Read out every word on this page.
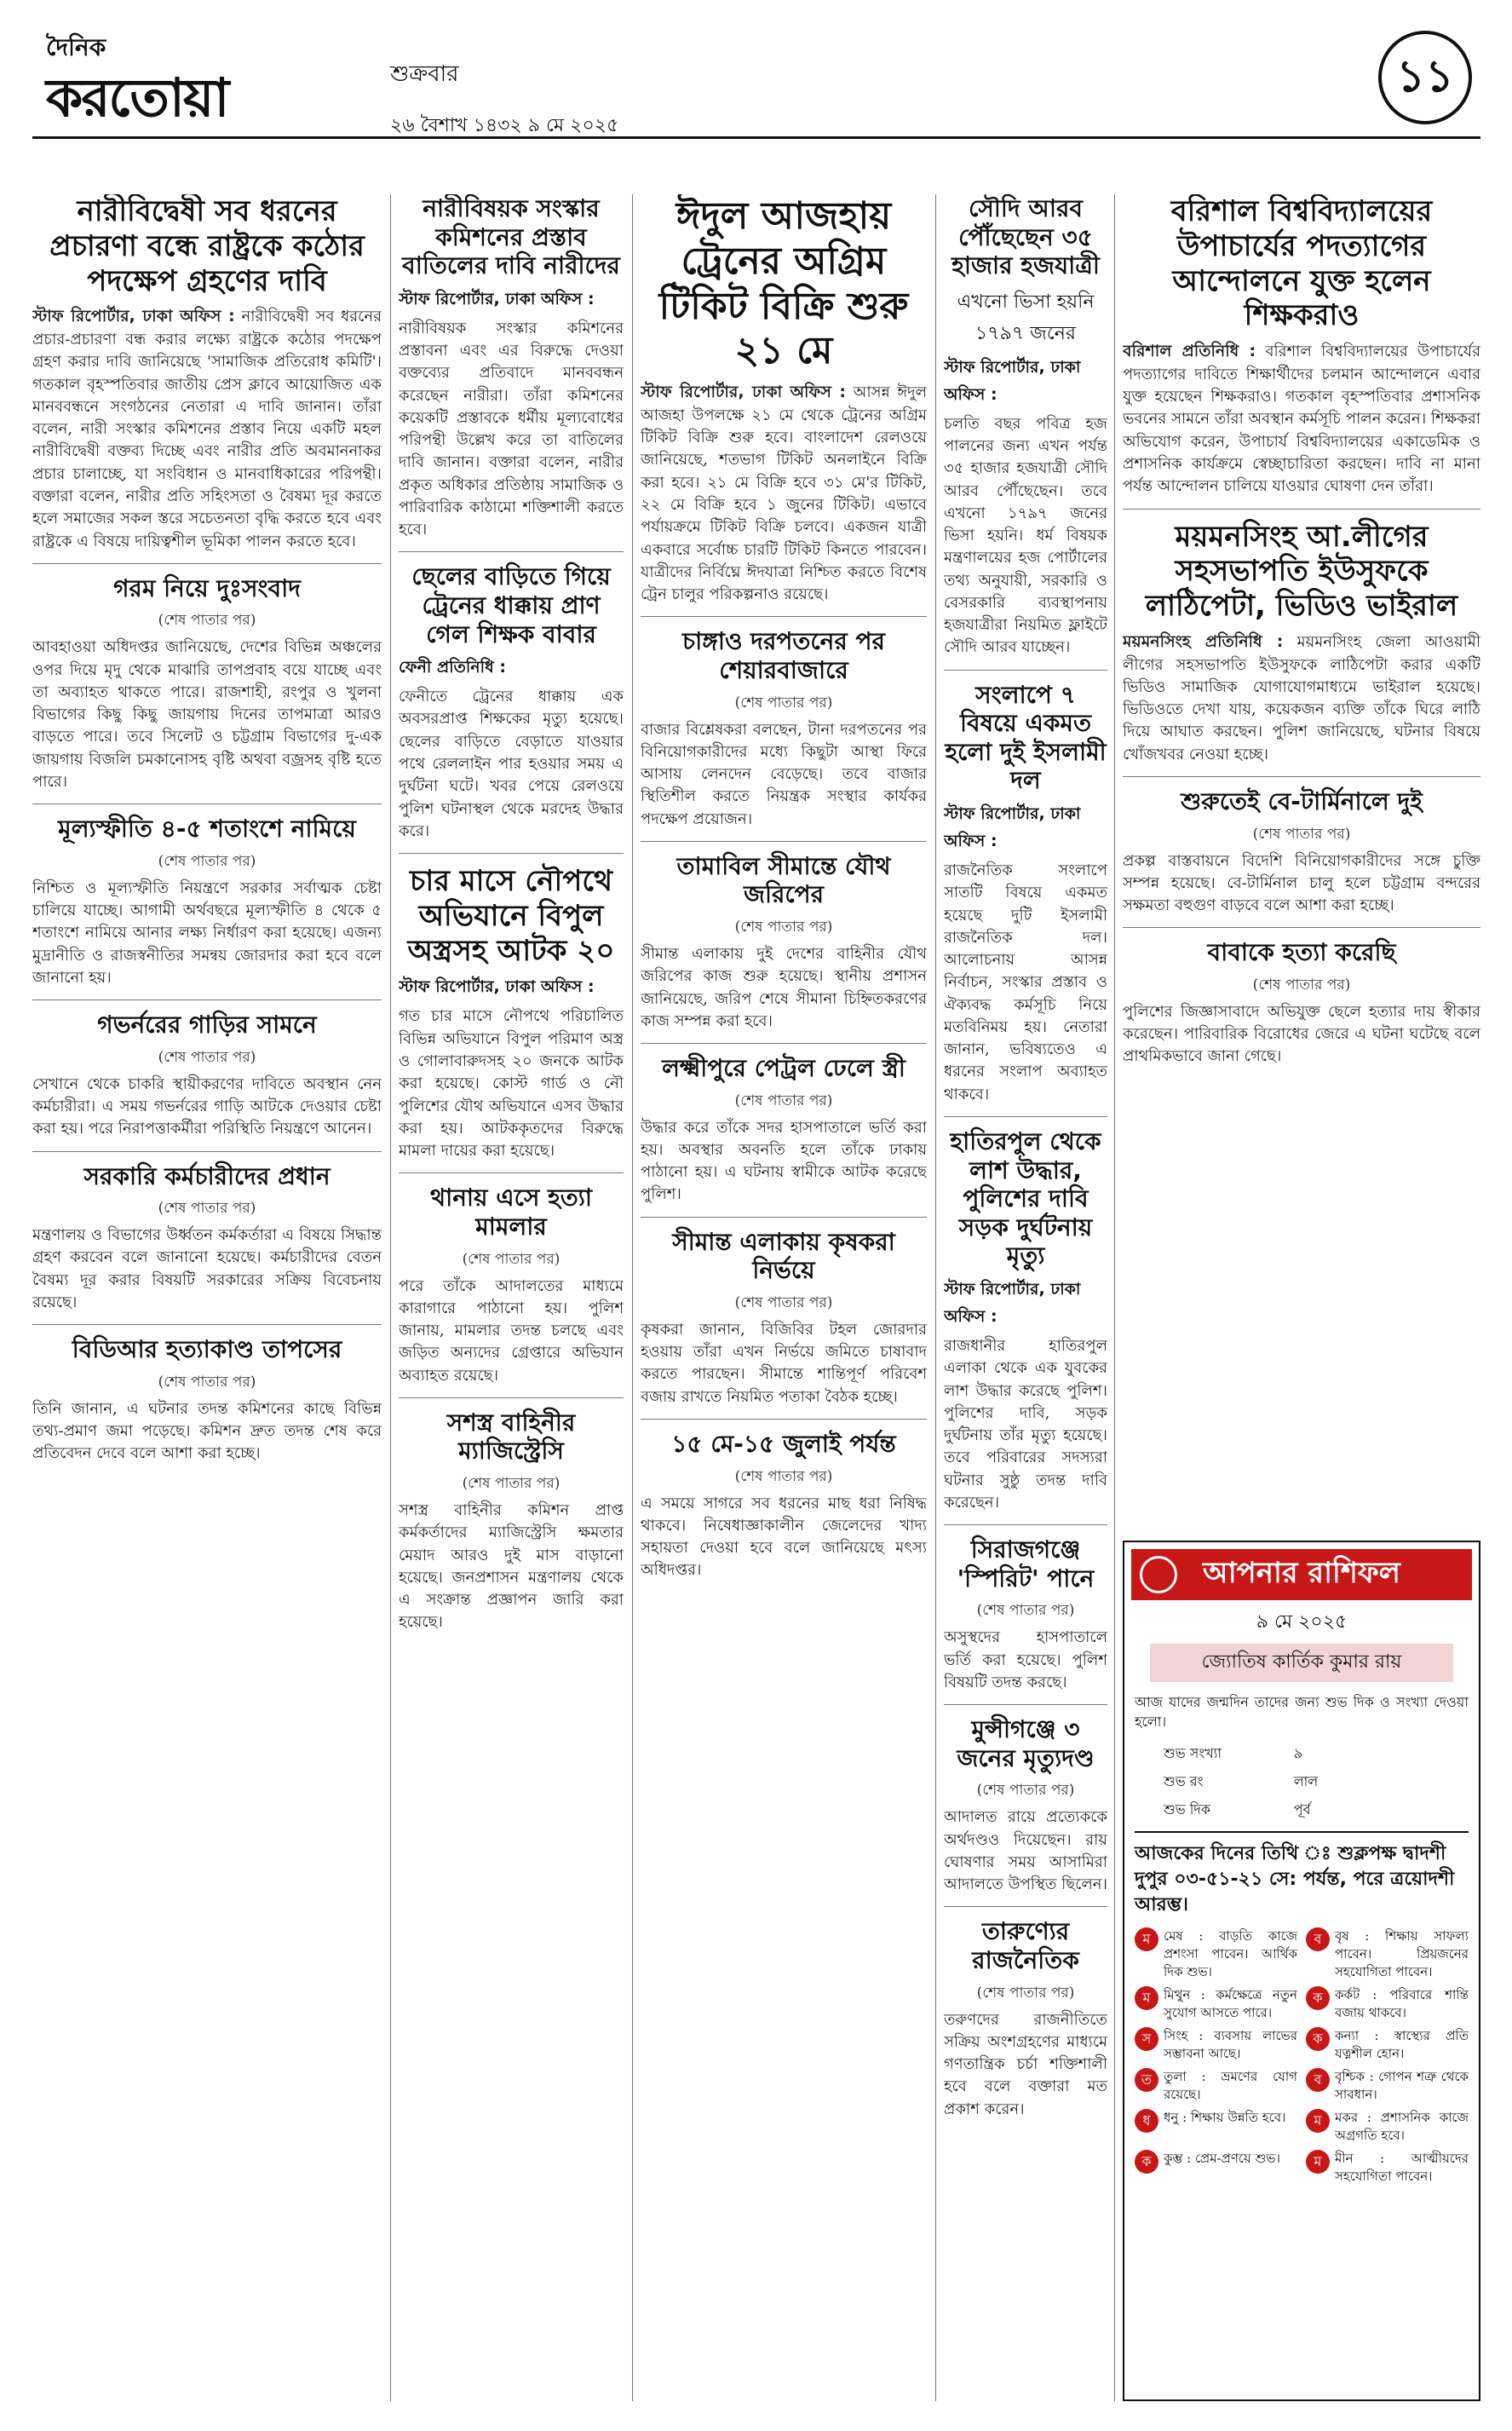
দৈনিক
করতোয়া	শুক্রবার
২৬ বৈশাখ ১৪৩২ ৯ মে ২০২৫
১১
নারীবিদ্বেষী সব ধরনের প্রচারণা বন্ধে রাষ্ট্রকে কঠোর পদক্ষেপ গ্রহণের দাবি

স্টাফ রিপোর্টার, ঢাকা অফিস : নারীবিদ্বেষী সব ধরনের প্রচার-প্রচারণা বন্ধ করার লক্ষ্যে রাষ্ট্রকে কঠোর পদক্ষেপ গ্রহণ করার দাবি জানিয়েছে 'সামাজিক প্রতিরোধ কমিটি'। গতকাল বৃহস্পতিবার জাতীয় প্রেস ক্লাবে আয়োজিত এক মানববন্ধনে সংগঠনের নেতারা এ দাবি জানান। তাঁরা বলেন, নারী সংস্কার কমিশনের প্রস্তাব নিয়ে একটি মহল নারীবিদ্বেষী বক্তব্য দিচ্ছে এবং নারীর প্রতি অবমাননাকর প্রচার চালাচ্ছে, যা সংবিধান ও মানবাধিকারের পরিপন্থী। বক্তারা বলেন, নারীর প্রতি সহিংসতা ও বৈষম্য দূর করতে হলে সমাজের সকল স্তরে সচেতনতা বৃদ্ধি করতে হবে এবং রাষ্ট্রকে এ বিষয়ে দায়িত্বশীল ভূমিকা পালন করতে হবে।

গরম নিয়ে দুঃসংবাদ
(শেষ পাতার পর)
আবহাওয়া অধিদপ্তর জানিয়েছে, দেশের বিভিন্ন অঞ্চলের ওপর দিয়ে মৃদু থেকে মাঝারি তাপপ্রবাহ বয়ে যাচ্ছে এবং তা অব্যাহত থাকতে পারে। রাজশাহী, রংপুর ও খুলনা বিভাগের কিছু কিছু জায়গায় দিনের তাপমাত্রা আরও বাড়তে পারে। তবে সিলেট ও চট্টগ্রাম বিভাগের দু-এক জায়গায় বিজলি চমকানোসহ বৃষ্টি অথবা বজ্রসহ বৃষ্টি হতে পারে।
মূল্যস্ফীতি ৪-৫ শতাংশে নামিয়ে
(শেষ পাতার পর)
নিশ্চিত ও মূল্যস্ফীতি নিয়ন্ত্রণে সরকার সর্বাত্মক চেষ্টা চালিয়ে যাচ্ছে। আগামী অর্থবছরে মূল্যস্ফীতি ৪ থেকে ৫ শতাংশে নামিয়ে আনার লক্ষ্য নির্ধারণ করা হয়েছে। এজন্য মুদ্রানীতি ও রাজস্বনীতির সমন্বয় জোরদার করা হবে বলে জানানো হয়।
গভর্নরের গাড়ির সামনে
(শেষ পাতার পর)
সেখানে থেকে চাকরি স্থায়ীকরণের দাবিতে অবস্থান নেন কর্মচারীরা। এ সময় গভর্নরের গাড়ি আটকে দেওয়ার চেষ্টা করা হয়। পরে নিরাপত্তাকর্মীরা পরিস্থিতি নিয়ন্ত্রণে আনেন।
সরকারি কর্মচারীদের প্রধান
(শেষ পাতার পর)
মন্ত্রণালয় ও বিভাগের উর্ধ্বতন কর্মকর্তারা এ বিষয়ে সিদ্ধান্ত গ্রহণ করবেন বলে জানানো হয়েছে। কর্মচারীদের বেতন বৈষম্য দূর করার বিষয়টি সরকারের সক্রিয় বিবেচনায় রয়েছে।
বিডিআর হত্যাকাণ্ড তাপসের
(শেষ পাতার পর)
তিনি জানান, এ ঘটনার তদন্ত কমিশনের কাছে বিভিন্ন তথ্য-প্রমাণ জমা পড়েছে। কমিশন দ্রুত তদন্ত শেষ করে প্রতিবেদন দেবে বলে আশা করা হচ্ছে।
নারীবিষয়ক সংস্কার কমিশনের প্রস্তাব বাতিলের দাবি নারীদের
স্টাফ রিপোর্টার, ঢাকা অফিস :
নারীবিষয়ক সংস্কার কমিশনের প্রস্তাবনা এবং এর বিরুদ্ধে দেওয়া বক্তব্যের প্রতিবাদে মানববন্ধন করেছেন নারীরা। তাঁরা কমিশনের কয়েকটি প্রস্তাবকে ধর্মীয় মূল্যবোধের পরিপন্থী উল্লেখ করে তা বাতিলের দাবি জানান। বক্তারা বলেন, নারীর প্রকৃত অধিকার প্রতিষ্ঠায় সামাজিক ও পারিবারিক কাঠামো শক্তিশালী করতে হবে।
ছেলের বাড়িতে গিয়ে ট্রেনের ধাক্কায় প্রাণ গেল শিক্ষক বাবার
ফেনী প্রতিনিধি :
ফেনীতে ট্রেনের ধাক্কায় এক অবসরপ্রাপ্ত শিক্ষকের মৃত্যু হয়েছে। ছেলের বাড়িতে বেড়াতে যাওয়ার পথে রেললাইন পার হওয়ার সময় এ দুর্ঘটনা ঘটে। খবর পেয়ে রেলওয়ে পুলিশ ঘটনাস্থল থেকে মরদেহ উদ্ধার করে।
চার মাসে নৌপথে অভিযানে বিপুল অস্ত্রসহ আটক ২০
স্টাফ রিপোর্টার, ঢাকা অফিস :
গত চার মাসে নৌপথে পরিচালিত বিভিন্ন অভিযানে বিপুল পরিমাণ অস্ত্র ও গোলাবারুদসহ ২০ জনকে আটক করা হয়েছে। কোস্ট গার্ড ও নৌ পুলিশের যৌথ অভিযানে এসব উদ্ধার করা হয়। আটককৃতদের বিরুদ্ধে মামলা দায়ের করা হয়েছে।
থানায় এসে হত্যা মামলার
(শেষ পাতার পর)
পরে তাঁকে আদালতের মাধ্যমে কারাগারে পাঠানো হয়। পুলিশ জানায়, মামলার তদন্ত চলছে এবং জড়িত অন্যদের গ্রেপ্তারে অভিযান অব্যাহত রয়েছে।
সশস্ত্র বাহিনীর ম্যাজিস্ট্রেসি
(শেষ পাতার পর)
সশস্ত্র বাহিনীর কমিশন প্রাপ্ত কর্মকর্তাদের ম্যাজিস্ট্রেসি ক্ষমতার মেয়াদ আরও দুই মাস বাড়ানো হয়েছে। জনপ্রশাসন মন্ত্রণালয় থেকে এ সংক্রান্ত প্রজ্ঞাপন জারি করা হয়েছে।
ঈদুল আজহায় ট্রেনের অগ্রিম টিকিট বিক্রি শুরু ২১ মে

স্টাফ রিপোর্টার, ঢাকা অফিস : আসন্ন ঈদুল আজহা উপলক্ষে ২১ মে থেকে ট্রেনের অগ্রিম টিকিট বিক্রি শুরু হবে। বাংলাদেশ রেলওয়ে জানিয়েছে, শতভাগ টিকিট অনলাইনে বিক্রি করা হবে। ২১ মে বিক্রি হবে ৩১ মে'র টিকিট, ২২ মে বিক্রি হবে ১ জুনের টিকিট। এভাবে পর্যায়ক্রমে টিকিট বিক্রি চলবে। একজন যাত্রী একবারে সর্বোচ্চ চারটি টিকিট কিনতে পারবেন। যাত্রীদের নির্বিঘ্নে ঈদযাত্রা নিশ্চিত করতে বিশেষ ট্রেন চালুর পরিকল্পনাও রয়েছে।

চাঙ্গাও দরপতনের পর শেয়ারবাজারে
(শেষ পাতার পর)
বাজার বিশ্লেষকরা বলছেন, টানা দরপতনের পর বিনিয়োগকারীদের মধ্যে কিছুটা আস্থা ফিরে আসায় লেনদেন বেড়েছে। তবে বাজার স্থিতিশীল করতে নিয়ন্ত্রক সংস্থার কার্যকর পদক্ষেপ প্রয়োজন।
তামাবিল সীমান্তে যৌথ জরিপের
(শেষ পাতার পর)
সীমান্ত এলাকায় দুই দেশের বাহিনীর যৌথ জরিপের কাজ শুরু হয়েছে। স্থানীয় প্রশাসন জানিয়েছে, জরিপ শেষে সীমানা চিহ্নিতকরণের কাজ সম্পন্ন করা হবে।
লক্ষ্মীপুরে পেট্রল ঢেলে স্ত্রী
(শেষ পাতার পর)
উদ্ধার করে তাঁকে সদর হাসপাতালে ভর্তি করা হয়। অবস্থার অবনতি হলে তাঁকে ঢাকায় পাঠানো হয়। এ ঘটনায় স্বামীকে আটক করেছে পুলিশ।
সীমান্ত এলাকায় কৃষকরা নির্ভয়ে
(শেষ পাতার পর)
কৃষকরা জানান, বিজিবির টহল জোরদার হওয়ায় তাঁরা এখন নির্ভয়ে জমিতে চাষাবাদ করতে পারছেন। সীমান্তে শান্তিপূর্ণ পরিবেশ বজায় রাখতে নিয়মিত পতাকা বৈঠক হচ্ছে।
১৫ মে-১৫ জুলাই পর্যন্ত
(শেষ পাতার পর)
এ সময়ে সাগরে সব ধরনের মাছ ধরা নিষিদ্ধ থাকবে। নিষেধাজ্ঞাকালীন জেলেদের খাদ্য সহায়তা দেওয়া হবে বলে জানিয়েছে মৎস্য অধিদপ্তর।
সৌদি আরব পৌঁছেছেন ৩৫ হাজার হজযাত্রী
এখনো ভিসা হয়নি ১৭৯৭ জনের
স্টাফ রিপোর্টার, ঢাকা অফিস :
চলতি বছর পবিত্র হজ পালনের জন্য এখন পর্যন্ত ৩৫ হাজার হজযাত্রী সৌদি আরব পৌঁছেছেন। তবে এখনো ১৭৯৭ জনের ভিসা হয়নি। ধর্ম বিষয়ক মন্ত্রণালয়ের হজ পোর্টালের তথ্য অনুযায়ী, সরকারি ও বেসরকারি ব্যবস্থাপনায় হজযাত্রীরা নিয়মিত ফ্লাইটে সৌদি আরব যাচ্ছেন।
সংলাপে ৭ বিষয়ে একমত হলো দুই ইসলামী দল
স্টাফ রিপোর্টার, ঢাকা অফিস :
রাজনৈতিক সংলাপে সাতটি বিষয়ে একমত হয়েছে দুটি ইসলামী রাজনৈতিক দল। আলোচনায় আসন্ন নির্বাচন, সংস্কার প্রস্তাব ও ঐক্যবদ্ধ কর্মসূচি নিয়ে মতবিনিময় হয়। নেতারা জানান, ভবিষ্যতেও এ ধরনের সংলাপ অব্যাহত থাকবে।
হাতিরপুল থেকে লাশ উদ্ধার, পুলিশের দাবি সড়ক দুর্ঘটনায় মৃত্যু
স্টাফ রিপোর্টার, ঢাকা অফিস :
রাজধানীর হাতিরপুল এলাকা থেকে এক যুবকের লাশ উদ্ধার করেছে পুলিশ। পুলিশের দাবি, সড়ক দুর্ঘটনায় তাঁর মৃত্যু হয়েছে। তবে পরিবারের সদস্যরা ঘটনার সুষ্ঠু তদন্ত দাবি করেছেন।
সিরাজগঞ্জে 'স্পিরিট' পানে
(শেষ পাতার পর)
অসুস্থদের হাসপাতালে ভর্তি করা হয়েছে। পুলিশ বিষয়টি তদন্ত করছে।
মুন্সীগঞ্জে ৩ জনের মৃত্যুদণ্ড
(শেষ পাতার পর)
আদালত রায়ে প্রত্যেককে অর্থদণ্ডও দিয়েছেন। রায় ঘোষণার সময় আসামিরা আদালতে উপস্থিত ছিলেন।
তারুণ্যের রাজনৈতিক
(শেষ পাতার পর)
তরুণদের রাজনীতিতে সক্রিয় অংশগ্রহণের মাধ্যমে গণতান্ত্রিক চর্চা শক্তিশালী হবে বলে বক্তারা মত প্রকাশ করেন।
বরিশাল বিশ্ববিদ্যালয়ের উপাচার্যের পদত্যাগের আন্দোলনে যুক্ত হলেন শিক্ষকরাও

বরিশাল প্রতিনিধি : বরিশাল বিশ্ববিদ্যালয়ের উপাচার্যের পদত্যাগের দাবিতে শিক্ষার্থীদের চলমান আন্দোলনে এবার যুক্ত হয়েছেন শিক্ষকরাও। গতকাল বৃহস্পতিবার প্রশাসনিক ভবনের সামনে তাঁরা অবস্থান কর্মসূচি পালন করেন। শিক্ষকরা অভিযোগ করেন, উপাচার্য বিশ্ববিদ্যালয়ের একাডেমিক ও প্রশাসনিক কার্যক্রমে স্বেচ্ছাচারিতা করছেন। দাবি না মানা পর্যন্ত আন্দোলন চালিয়ে যাওয়ার ঘোষণা দেন তাঁরা।

ময়মনসিংহ আ.লীগের সহসভাপতি ইউসুফকে লাঠিপেটা, ভিডিও ভাইরাল

ময়মনসিংহ প্রতিনিধি : ময়মনসিংহ জেলা আওয়ামী লীগের সহসভাপতি ইউসুফকে লাঠিপেটা করার একটি ভিডিও সামাজিক যোগাযোগমাধ্যমে ভাইরাল হয়েছে। ভিডিওতে দেখা যায়, কয়েকজন ব্যক্তি তাঁকে ঘিরে লাঠি দিয়ে আঘাত করছেন। পুলিশ জানিয়েছে, ঘটনার বিষয়ে খোঁজখবর নেওয়া হচ্ছে।

শুরুতেই বে-টার্মিনালে দুই
(শেষ পাতার পর)
প্রকল্প বাস্তবায়নে বিদেশি বিনিয়োগকারীদের সঙ্গে চুক্তি সম্পন্ন হয়েছে। বে-টার্মিনাল চালু হলে চট্টগ্রাম বন্দরের সক্ষমতা বহুগুণ বাড়বে বলে আশা করা হচ্ছে।
বাবাকে হত্যা করেছি
(শেষ পাতার পর)
পুলিশের জিজ্ঞাসাবাদে অভিযুক্ত ছেলে হত্যার দায় স্বীকার করেছেন। পারিবারিক বিরোধের জেরে এ ঘটনা ঘটেছে বলে প্রাথমিকভাবে জানা গেছে।
আপনার রাশিফল
৯ মে ২০২৫
জ্যোতিষ কার্তিক কুমার রায়
আজ যাদের জন্মদিন তাদের জন্য শুভ দিক ও সংখ্যা দেওয়া হলো।
শুভ সংখ্যা	৯
শুভ রং	লাল
শুভ দিক	পূর্ব
আজকের দিনের তিথি ঃ শুক্লপক্ষ দ্বাদশী দুপুর ০৩-৫১-২১ সে: পর্যন্ত, পরে ত্রয়োদশী আরম্ভ।
ম	মেষ : বাড়তি কাজে প্রশংসা পাবেন। আর্থিক দিক শুভ।
ব	বৃষ : শিক্ষায় সাফল্য পাবেন। প্রিয়জনের সহযোগিতা পাবেন।
ম	মিথুন : কর্মক্ষেত্রে নতুন সুযোগ আসতে পারে।
ক কর্কট : পরিবারে শান্তি বজায় থাকবে।
স সিংহ : ব্যবসায় লাভের সম্ভাবনা আছে।
ক কন্যা : স্বাস্থ্যের প্রতি যত্নশীল হোন।
ত তুলা : ভ্রমণের যোগ রয়েছে।
ব	বৃশ্চিক : গোপন শত্রু থেকে সাবধান।
ধ	ধনু : শিক্ষায় উন্নতি হবে।	ম	মকর : প্রশাসনিক কাজে অগ্রগতি হবে।
ক কুম্ভ : প্রেম-প্রণয়ে শুভ।	ম	মীন : আত্মীয়দের সহযোগিতা পাবেন।
